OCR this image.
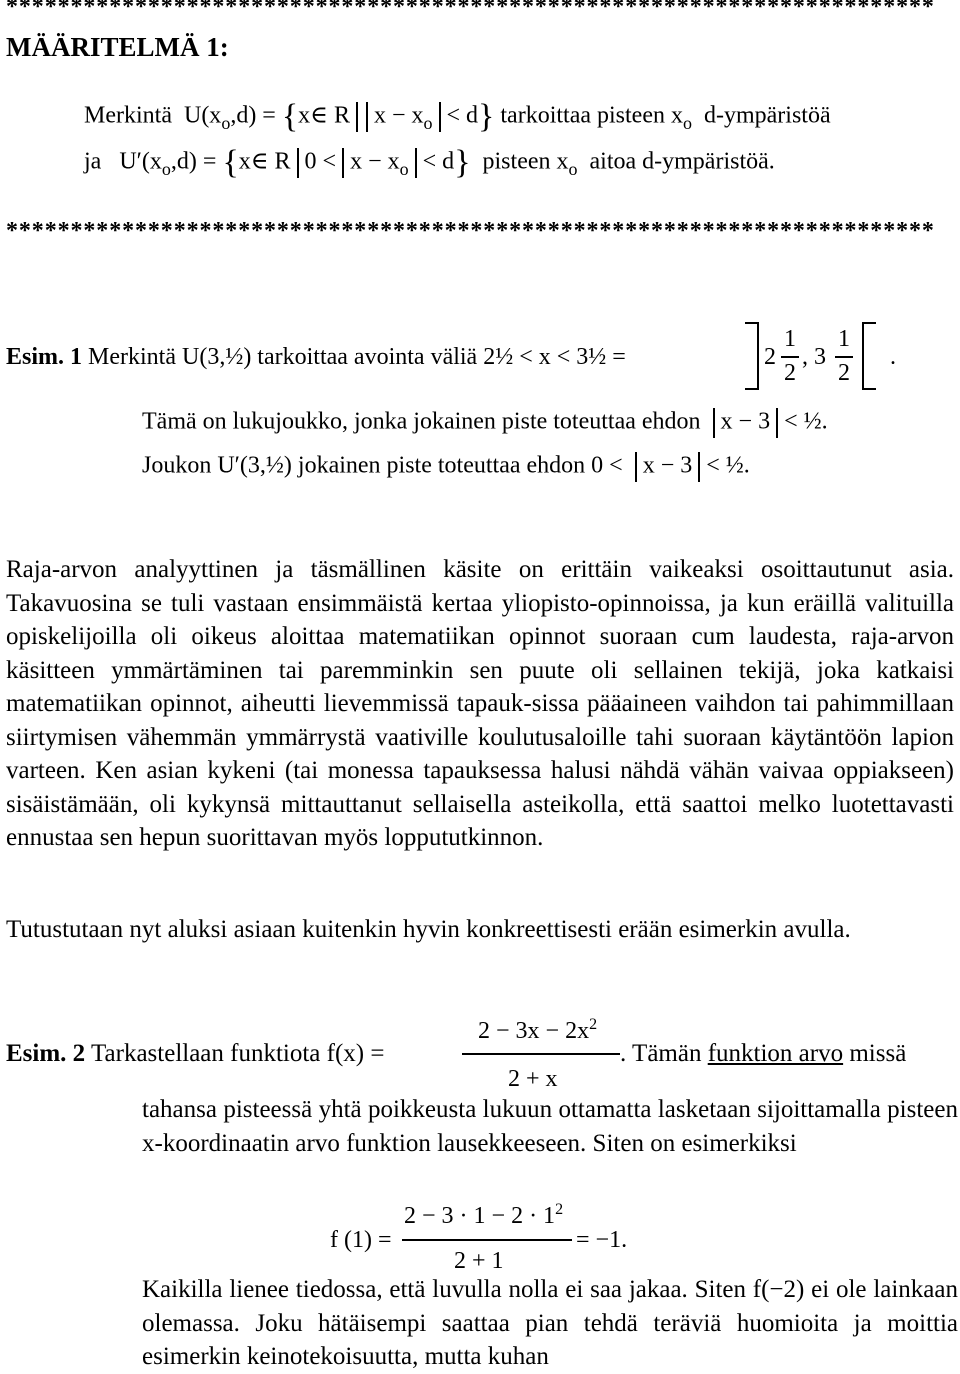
************************************************************************
MÄÄRITELMÄ 1:
Merkintä $U(x_o,d)$ = {x∈ R $x - x_o < d$} tarkoittaa pisteen $x_o$ d-ympäristöä
ja $U'(x_o,d)$ = {x∈ R $0 < x - x_o < d$} pisteen $x_o$ aitoa d-ympäristöä.
************************************************************************
Esim. 1 Merkintä U(3,½) tarkoittaa avointa väliä 2½ < x < 3½ =	2
1
2
, 3
1
2
.
Tämä on lukujoukko, jonka jokainen piste toteuttaa ehdon x − 3 < ½.
Joukon U′(3,½) jokainen piste toteuttaa ehdon 0 < x − 3 < ½.
Raja-arvon analyyttinen ja täsmällinen käsite on erittäin vaikeaksi osoittautunut asia. Takavuosina se tuli vastaan ensimmäistä kertaa yliopisto-opinnoissa, ja kun eräillä valituilla opiskelijoilla oli oikeus aloittaa matematiikan opinnot suoraan cum laudesta, raja-arvon käsitteen ymmärtäminen tai paremminkin sen puute oli sellainen tekijä, joka katkaisi matematiikan opinnot, aiheutti lievemmissä tapauk-sissa pääaineen vaihdon tai pahimmillaan siirtymisen vähemmän ymmärrystä vaativille koulutusaloille tahi suoraan käytäntöön lapion varteen. Ken asian kykeni (tai monessa tapauksessa halusi nähdä vähän vaivaa oppiakseen) sisäistämään, oli kykynsä mittauttanut sellaisella asteikolla, että saattoi melko luotettavasti ennustaa sen hepun suorittavan myös loppututkinnon.
Tutustutaan nyt aluksi asiaan kuitenkin hyvin konkreettisesti erään esimerkin avulla.
Esim. 2 Tarkastellaan funktiota f(x) =
$2 - 3x - 2x^2$
2 + x
. Tämän funktion arvo missä
tahansa pisteessä yhtä poikkeusta lukuun ottamatta lasketaan sijoittamalla pisteen x-koordinaatin arvo funktion lausekkeeseen. Siten on esimerkiksi
f (1) =
$2 - 3 \cdot 1 - 2 \cdot 1^2$
2 + 1
= −1.
Kaikilla lienee tiedossa, että luvulla nolla ei saa jakaa. Siten f(−2) ei ole lainkaan olemassa. Joku hätäisempi saattaa pian tehdä teräviä huomioita ja moittia esimerkin keinotekoisuutta, mutta kuhan
